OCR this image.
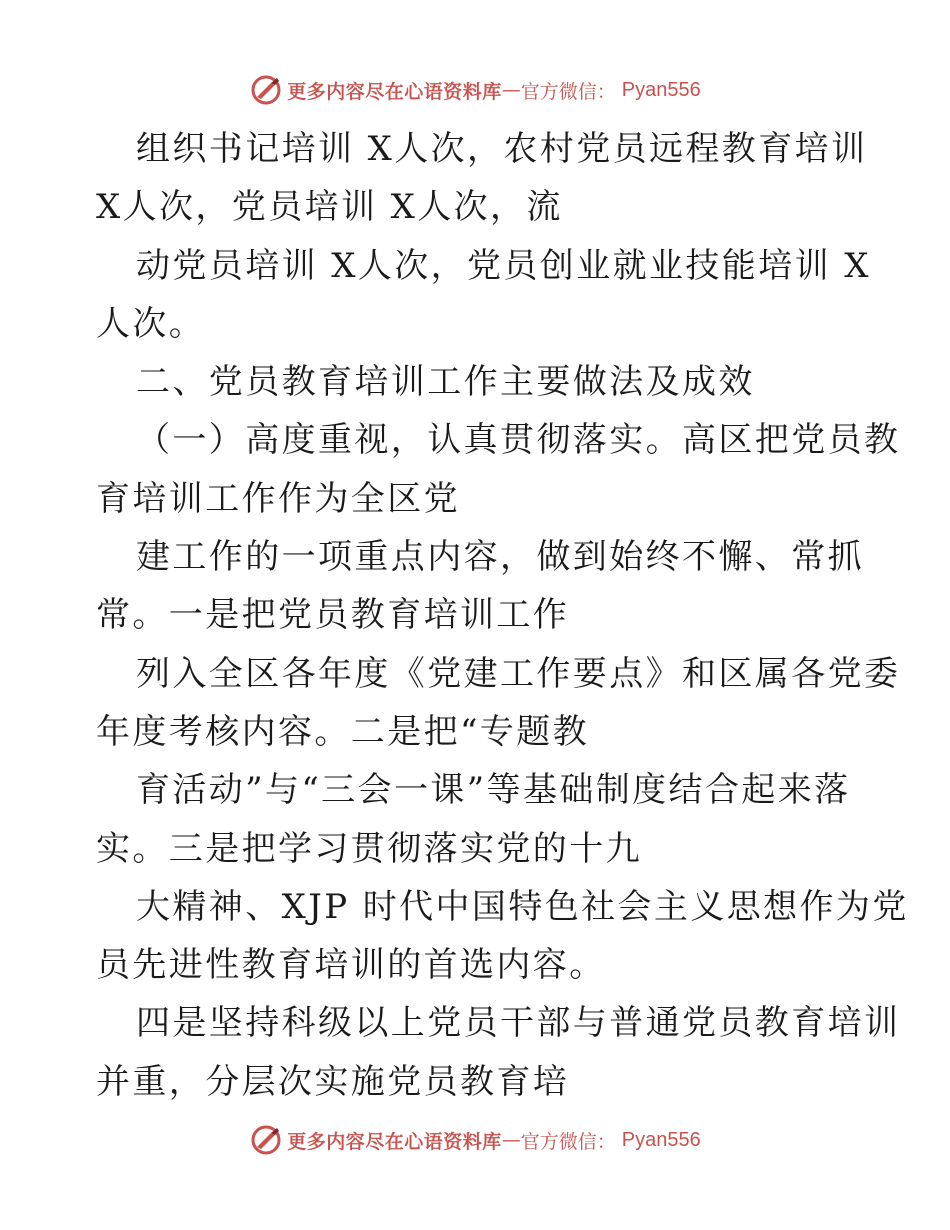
更多内容尽在心语资料库 — 官方微信 ： Pyan556
组织书记培训 X人次，农村党员远程教育培训
X人次，党员培训 X人次，流
动党员培训 X人次，党员创业就业技能培训 X
人次。
二、党员教育培训工作主要做法及成效
（一）高度重视，认真贯彻落实。高区把党员教
育培训工作作为全区党
建工作的一项重点内容，做到始终不懈、常抓
常。一是把党员教育培训工作
列入全区各年度《党建工作要点》和区属各党委
年度考核内容。二是把“专题教
育活动”与“三会一课”等基础制度结合起来落
实。三是把学习贯彻落实党的十九
大精神、XJP 时代中国特色社会主义思想作为党
员先进性教育培训的首选内容。
四是坚持科级以上党员干部与普通党员教育培训
并重，分层次实施党员教育培
更多内容尽在心语资料库 — 官方微信 ： Pyan556
